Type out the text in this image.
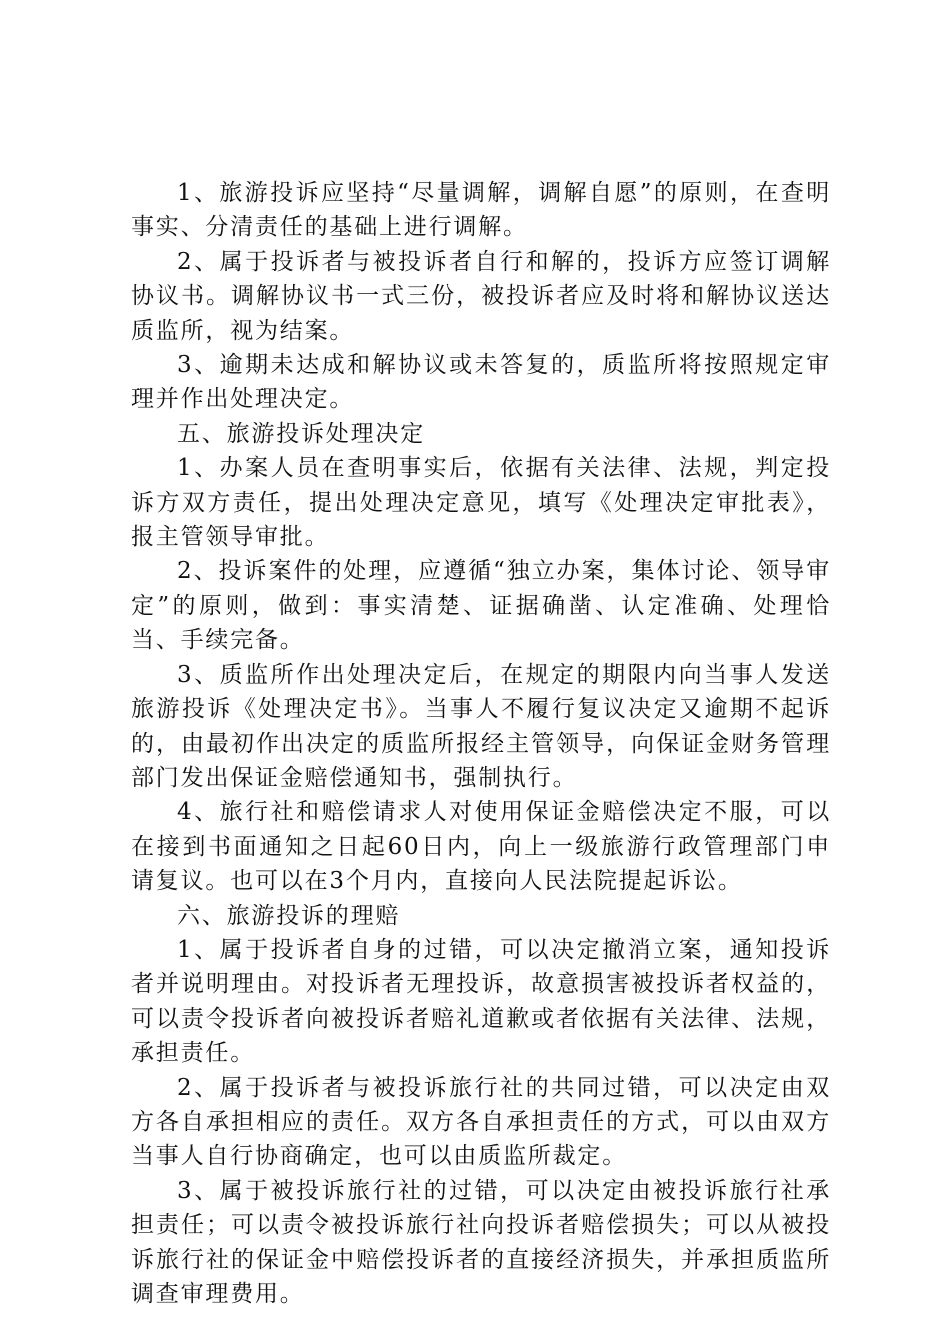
1、旅游投诉应坚持“尽量调解，调解自愿”的原则，在查明事实、分清责任的基础上进行调解。

2、属于投诉者与被投诉者自行和解的，投诉方应签订调解协议书。调解协议书一式三份，被投诉者应及时将和解协议送达质监所，视为结案。

3、逾期未达成和解协议或未答复的，质监所将按照规定审理并作出处理决定。

五、旅游投诉处理决定

1、办案人员在查明事实后，依据有关法律、法规，判定投诉方双方责任，提出处理决定意见，填写《处理决定审批表》，报主管领导审批。

2、投诉案件的处理，应遵循“独立办案，集体讨论、领导审定”的原则，做到：事实清楚、证据确凿、认定准确、处理恰当、手续完备。

3、质监所作出处理决定后，在规定的期限内向当事人发送旅游投诉《处理决定书》。当事人不履行复议决定又逾期不起诉的，由最初作出决定的质监所报经主管领导，向保证金财务管理部门发出保证金赔偿通知书，强制执行。

4、旅行社和赔偿请求人对使用保证金赔偿决定不服，可以在接到书面通知之日起60日内，向上一级旅游行政管理部门申请复议。也可以在3个月内，直接向人民法院提起诉讼。

六、旅游投诉的理赔

1、属于投诉者自身的过错，可以决定撤消立案，通知投诉者并说明理由。对投诉者无理投诉，故意损害被投诉者权益的，可以责令投诉者向被投诉者赔礼道歉或者依据有关法律、法规，承担责任。

2、属于投诉者与被投诉旅行社的共同过错，可以决定由双方各自承担相应的责任。双方各自承担责任的方式，可以由双方当事人自行协商确定，也可以由质监所裁定。

3、属于被投诉旅行社的过错，可以决定由被投诉旅行社承担责任；可以责令被投诉旅行社向投诉者赔偿损失；可以从被投诉旅行社的保证金中赔偿投诉者的直接经济损失，并承担质监所调查审理费用。
